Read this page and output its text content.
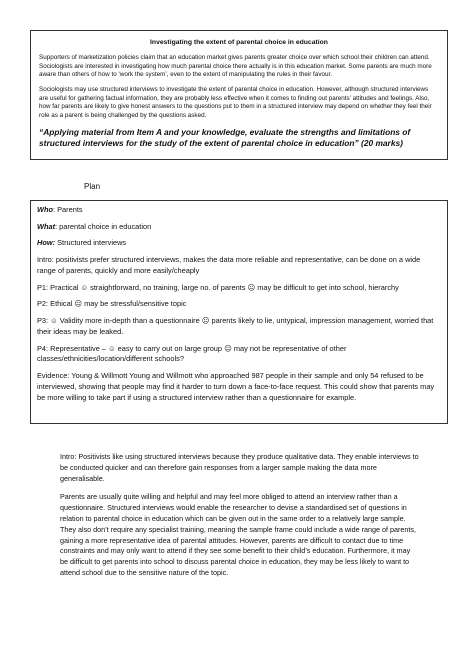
Investigating the extent of parental choice in education

Supporters of marketization policies claim that an education market gives parents greater choice over which school their children can attend. Sociologists are interested in investigating how much parental choice there actually is in this education market. Some parents are much more aware than others of how to ‘work the system’, even to the extent of manipulating the rules in their favour.

Sociologists may use structured interviews to investigate the extent of parental choice in education. However, although structured interviews are useful for gathering factual information, they are probably less effective when it comes to finding out parents’ attitudes and feelings. Also, how far parents are likely to give honest answers to the questions put to them in a structured interview may depend on whether they feel their role as a parent is being challenged by the questions asked.

“Applying material from Item A and your knowledge, evaluate the strengths and limitations of structured interviews for the study of the extent of parental choice in education” (20 marks)

Plan

Who: Parents

What: parental choice in education

How: Structured interviews

Intro: positivists prefer structured interviews, makes the data more reliable and representative, can be done on a wide range of parents, quickly and more easily/cheaply

P1: Practical ☺ straightforward, no training, large no. of parents ☹ may be difficult to get into school, hierarchy

P2: Ethical ☹ may be stressful/sensitive topic

P3: ☺ Validity more in-depth than a questionnaire ☹ parents likely to lie, untypical, impression management, worried that their ideas may be leaked.

P4: Representative – ☺ easy to carry out on large group ☹ may not be representative of other classes/ethnicities/location/different schools?

Evidence: Young & Willmott Young and Willmott who approached 987 people in their sample and only 54 refused to be interviewed, showing that people may find it harder to turn down a face-to-face request. This could show that parents may be more willing to take part if using a structured interview rather than a questionnaire for example.

Intro: Positivists like using structured interviews because they produce qualitative data. They enable interviews to be conducted quicker and can therefore gain responses from a larger sample making the data more generalisable.

Parents are usually quite willing and helpful and may feel more obliged to attend an interview rather than a questionnaire. Structured interviews would enable the researcher to devise a standardised set of questions in relation to parental choice in education which can be given out in the same order to a relatively large sample. They also don’t require any specialist training, meaning the sample frame could include a wide range of parents, gaining a more representative idea of parental attitudes. However, parents are difficult to contact due to time constraints and may only want to attend if they see some benefit to their child’s education. Furthermore, it may be difficult to get parents into school to discuss parental choice in education, they may be less likely to want to attend school due to the sensitive nature of the topic.
